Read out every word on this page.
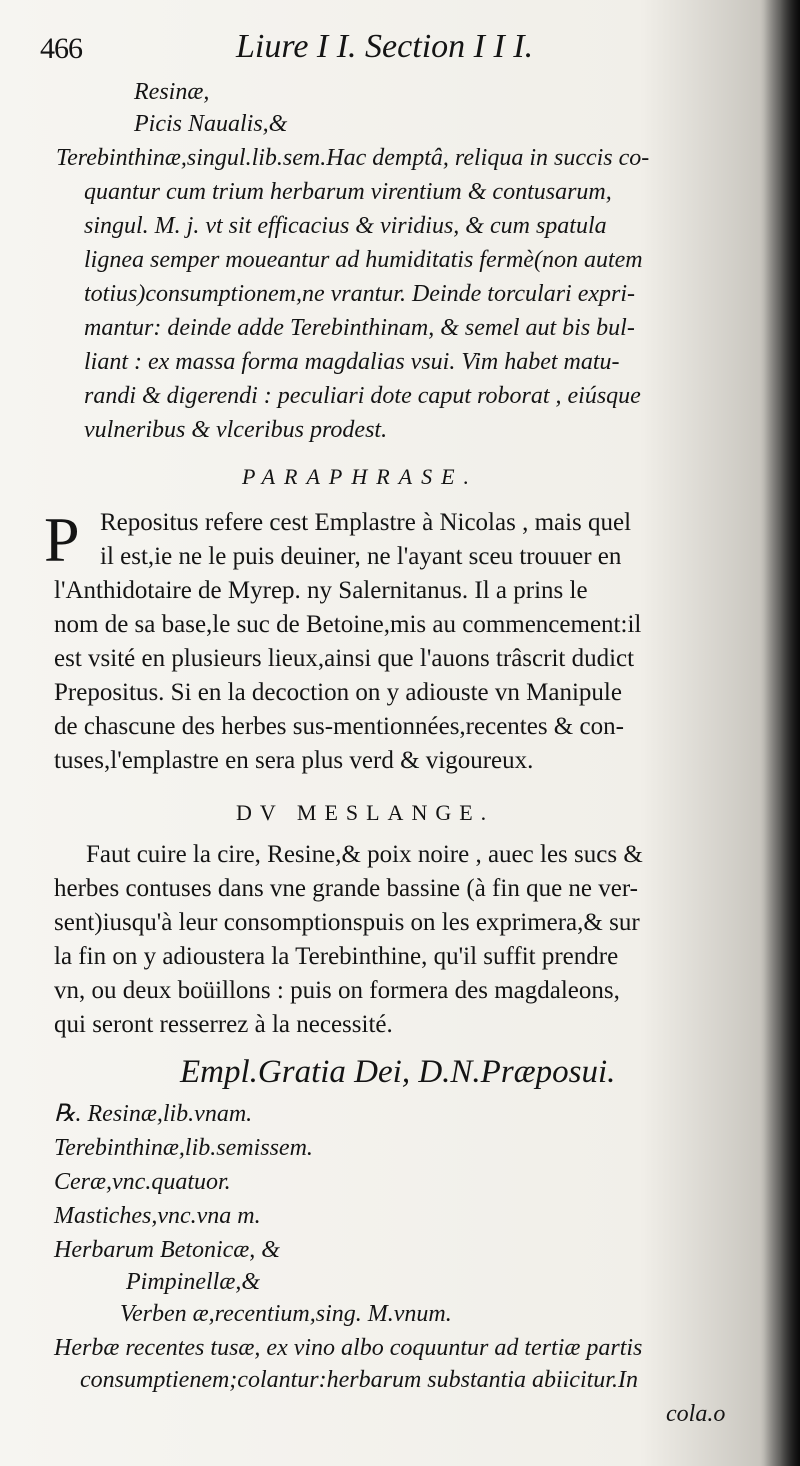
466	Liure I I. Section I I I.
Resinæ,
Picis Naualis,&
Terebinthinæ,singul.lib.sem.Hac demptâ, reliqua in succis co-
quantur cum trium herbarum virentium & contusarum,
singul. M. j. vt sit efficacius & viridius, & cum spatula
lignea semper moueantur ad humiditatis fermè(non autem
totius)consumptionem,ne vrantur. Deinde torculari expri-
mantur: deinde adde Terebinthinam, & semel aut bis bul-
liant : ex massa forma magdalias vsui. Vim habet matu-
randi & digerendi : peculiari dote caput roborat , eiúsque
vulneribus & vlceribus prodest.
PARAPHRASE.
P Repositus refere cest Emplastre à Nicolas , mais quel
il est,ie ne le puis deuiner, ne l'ayant sceu trouuer en
l'Anthidotaire de Myrep. ny Salernitanus. Il a prins le
nom de sa base,le suc de Betoine,mis au commencement:il
est vsité en plusieurs lieux,ainsi que l'auons trâscrit dudict
Prepositus. Si en la decoction on y adiouste vn Manipule
de chascune des herbes sus-mentionnées,recentes & con-
tuses,l'emplastre en sera plus verd & vigoureux.
DV MESLANGE.
Faut cuire la cire, Resine,& poix noire , auec les sucs &
herbes contuses dans vne grande bassine (à fin que ne ver-
sent)iusqu'à leur consomptionspuis on les exprimera,& sur
la fin on y adioustera la Terebinthine, qu'il suffit prendre
vn, ou deux boüillons : puis on formera des magdaleons,
qui seront resserrez à la necessité.
Empl.Gratia Dei, D.N.Præposui.
℞. Resinæ,lib.vnam.
Terebinthinæ,lib.semissem.
Ceræ,vnc.quatuor.
Mastiches,vnc.vna m.
Herbarum Betonicæ, &
Pimpinellæ,&
Verben æ,recentium,sing. M.vnum.
Herbæ recentes tusæ, ex vino albo coquuntur ad tertiæ partis
consumptienem;colantur:herbarum substantia abiicitur.In
cola.o
